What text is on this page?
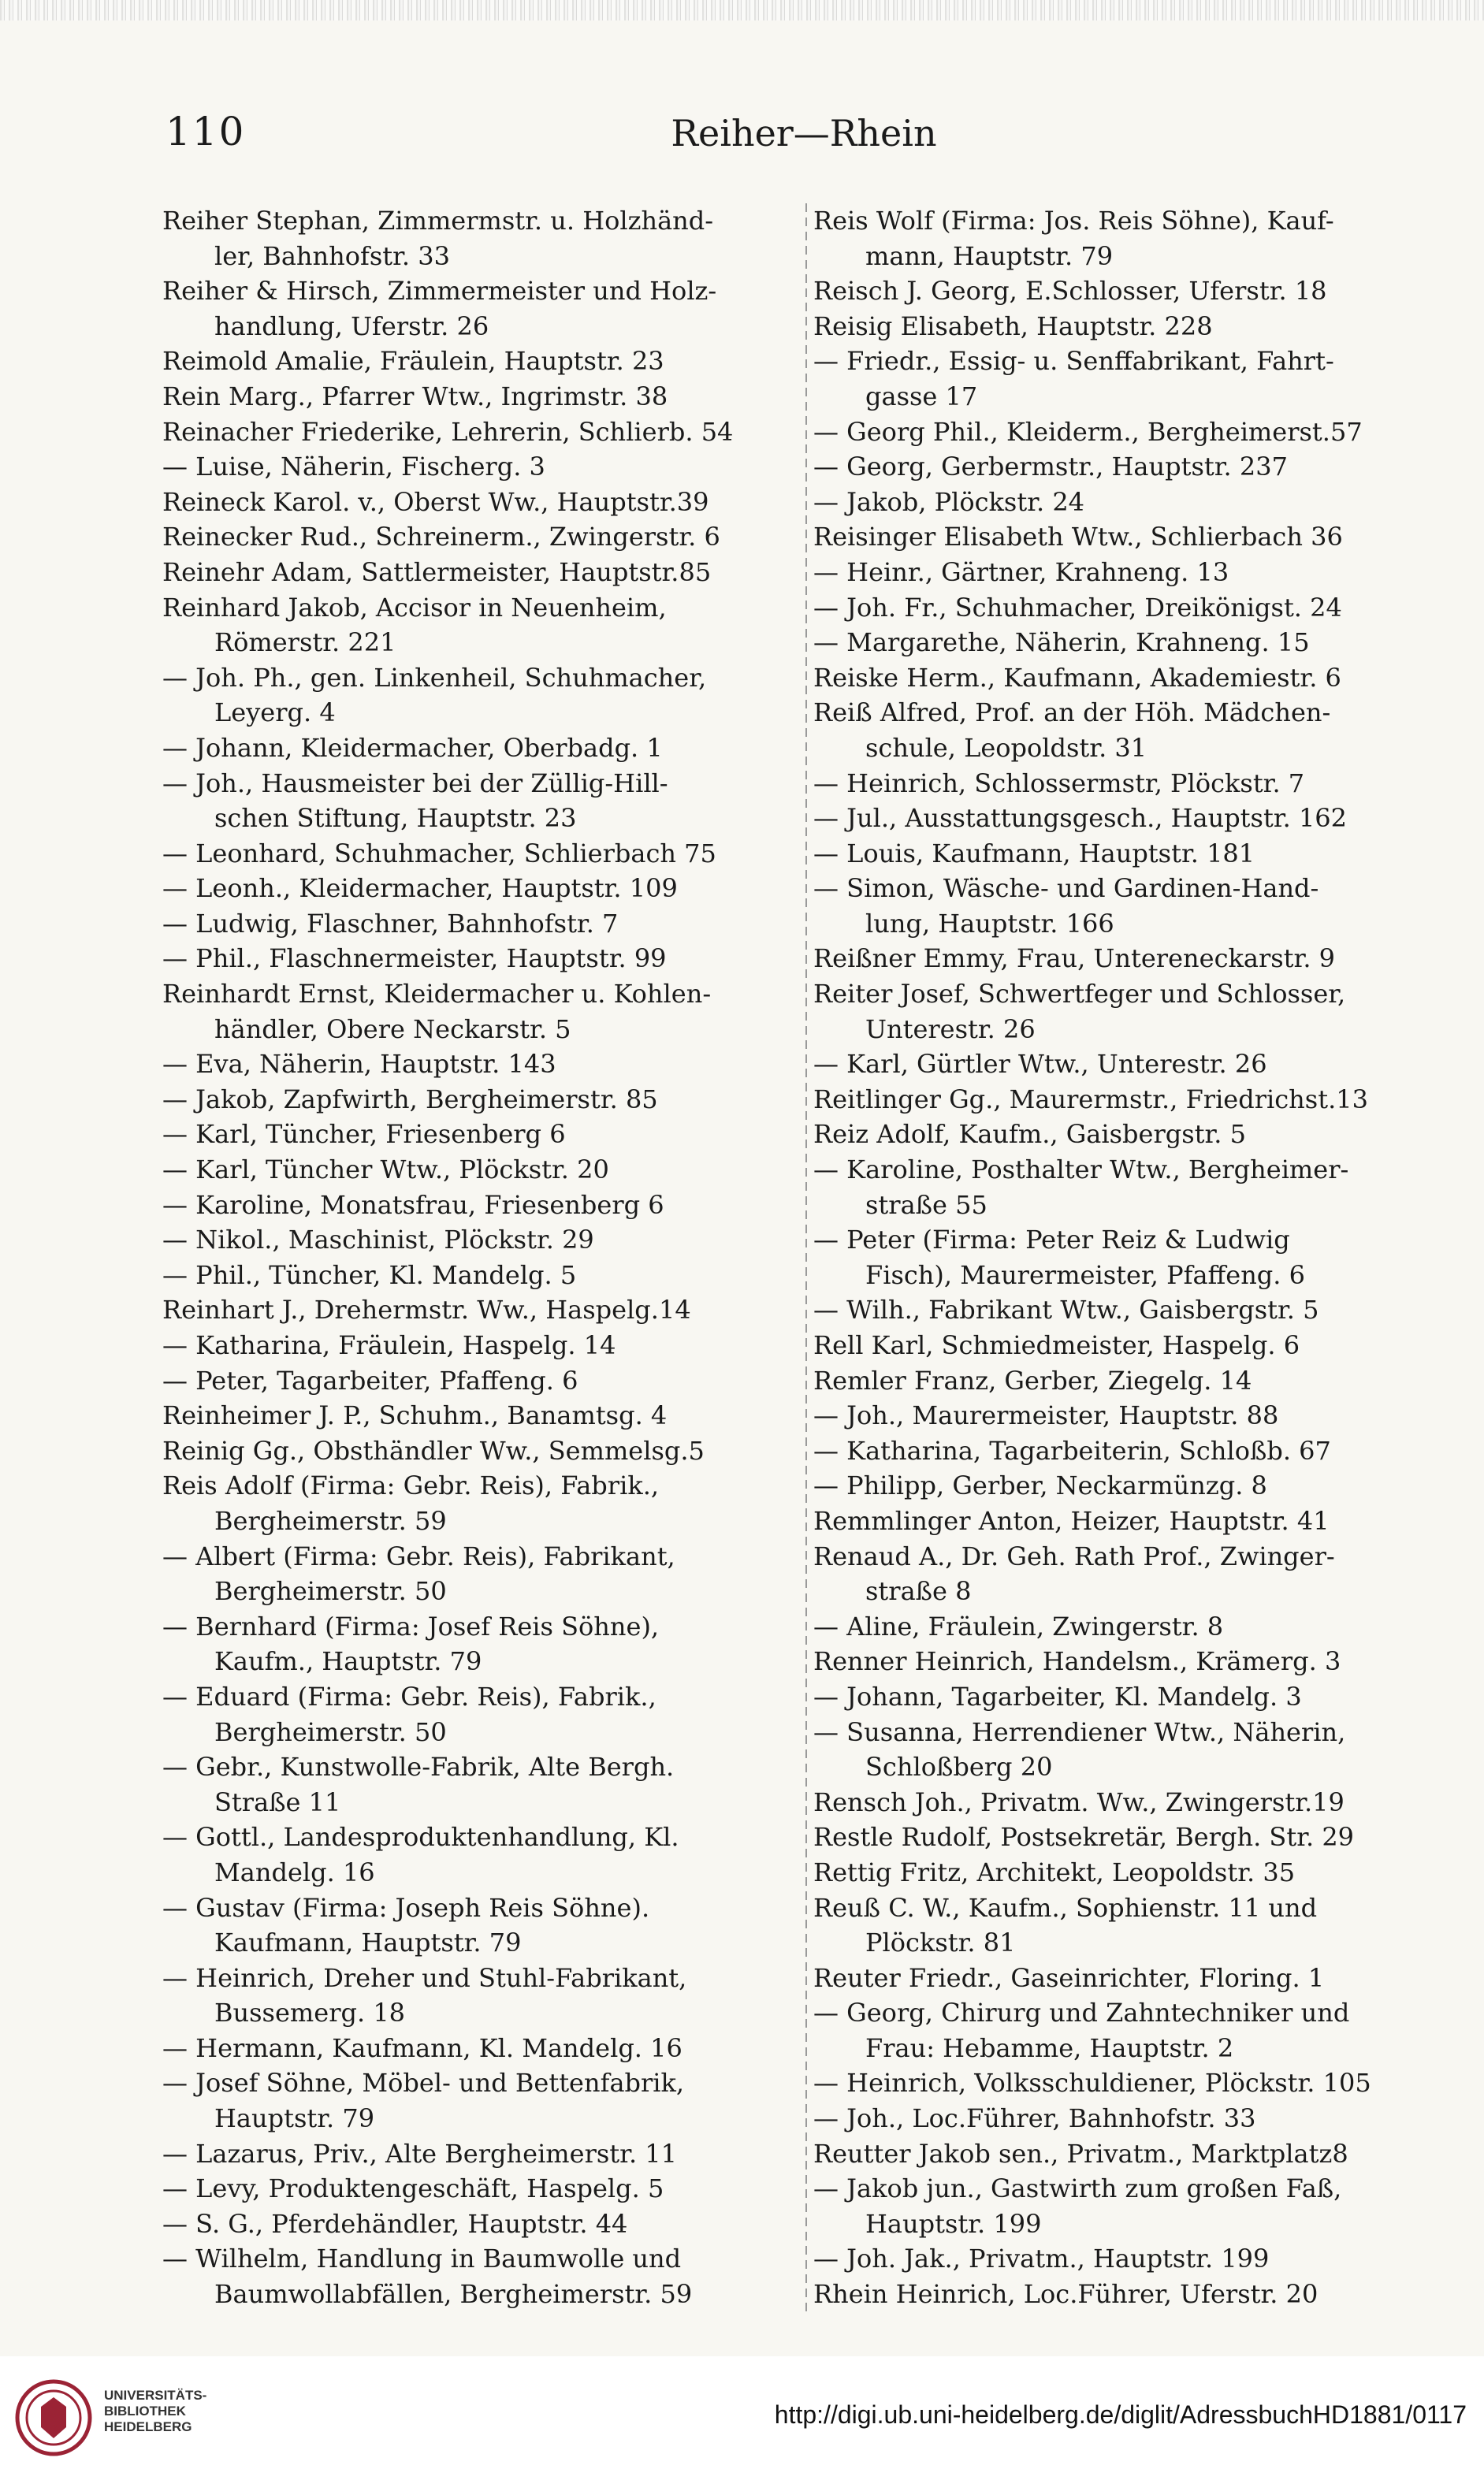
110	Reiher—Rhein
Reiher Stephan, Zimmermstr. u. Holzhänd-
ler, Bahnhofstr. 33
Reiher & Hirsch, Zimmermeister und Holz-
handlung, Uferstr. 26
Reimold Amalie, Fräulein, Hauptstr. 23
Rein Marg., Pfarrer Wtw., Ingrimstr. 38
Reinacher Friederike, Lehrerin, Schlierb. 54
— Luise, Näherin, Fischerg. 3
Reineck Karol. v., Oberst Ww., Hauptstr.39
Reinecker Rud., Schreinerm., Zwingerstr. 6
Reinehr Adam, Sattlermeister, Hauptstr.85
Reinhard Jakob, Accisor in Neuenheim,
Römerstr. 221
— Joh. Ph., gen. Linkenheil, Schuhmacher,
Leyerg. 4
— Johann, Kleidermacher, Oberbadg. 1
— Joh., Hausmeister bei der Züllig-Hill-
schen Stiftung, Hauptstr. 23
— Leonhard, Schuhmacher, Schlierbach 75
— Leonh., Kleidermacher, Hauptstr. 109
— Ludwig, Flaschner, Bahnhofstr. 7
— Phil., Flaschnermeister, Hauptstr. 99
Reinhardt Ernst, Kleidermacher u. Kohlen-
händler, Obere Neckarstr. 5
— Eva, Näherin, Hauptstr. 143
— Jakob, Zapfwirth, Bergheimerstr. 85
— Karl, Tüncher, Friesenberg 6
— Karl, Tüncher Wtw., Plöckstr. 20
— Karoline, Monatsfrau, Friesenberg 6
— Nikol., Maschinist, Plöckstr. 29
— Phil., Tüncher, Kl. Mandelg. 5
Reinhart J., Drehermstr. Ww., Haspelg.14
— Katharina, Fräulein, Haspelg. 14
— Peter, Tagarbeiter, Pfaffeng. 6
Reinheimer J. P., Schuhm., Banamtsg. 4
Reinig Gg., Obsthändler Ww., Semmelsg.5
Reis Adolf (Firma: Gebr. Reis), Fabrik.,
Bergheimerstr. 59
— Albert (Firma: Gebr. Reis), Fabrikant,
Bergheimerstr. 50
— Bernhard (Firma: Josef Reis Söhne),
Kaufm., Hauptstr. 79
— Eduard (Firma: Gebr. Reis), Fabrik.,
Bergheimerstr. 50
— Gebr., Kunstwolle-Fabrik, Alte Bergh.
Straße 11
— Gottl., Landesproduktenhandlung, Kl.
Mandelg. 16
— Gustav (Firma: Joseph Reis Söhne).
Kaufmann, Hauptstr. 79
— Heinrich, Dreher und Stuhl-Fabrikant,
Bussemerg. 18
— Hermann, Kaufmann, Kl. Mandelg. 16
— Josef Söhne, Möbel- und Bettenfabrik,
Hauptstr. 79
— Lazarus, Priv., Alte Bergheimerstr. 11
— Levy, Produktengeschäft, Haspelg. 5
— S. G., Pferdehändler, Hauptstr. 44
— Wilhelm, Handlung in Baumwolle und
Baumwollabfällen, Bergheimerstr. 59
Reis Wolf (Firma: Jos. Reis Söhne), Kauf-
mann, Hauptstr. 79
Reisch J. Georg, E.Schlosser, Uferstr. 18
Reisig Elisabeth, Hauptstr. 228
— Friedr., Essig- u. Senffabrikant, Fahrt-
gasse 17
— Georg Phil., Kleiderm., Bergheimerst.57
— Georg, Gerbermstr., Hauptstr. 237
— Jakob, Plöckstr. 24
Reisinger Elisabeth Wtw., Schlierbach 36
— Heinr., Gärtner, Krahneng. 13
— Joh. Fr., Schuhmacher, Dreikönigst. 24
— Margarethe, Näherin, Krahneng. 15
Reiske Herm., Kaufmann, Akademiestr. 6
Reiß Alfred, Prof. an der Höh. Mädchen-
schule, Leopoldstr. 31
— Heinrich, Schlossermstr, Plöckstr. 7
— Jul., Ausstattungsgesch., Hauptstr. 162
— Louis, Kaufmann, Hauptstr. 181
— Simon, Wäsche- und Gardinen-Hand-
lung, Hauptstr. 166
Reißner Emmy, Frau, Untereneckarstr. 9
Reiter Josef, Schwertfeger und Schlosser,
Unterestr. 26
— Karl, Gürtler Wtw., Unterestr. 26
Reitlinger Gg., Maurermstr., Friedrichst.13
Reiz Adolf, Kaufm., Gaisbergstr. 5
— Karoline, Posthalter Wtw., Bergheimer-
straße 55
— Peter (Firma: Peter Reiz & Ludwig
Fisch), Maurermeister, Pfaffeng. 6
— Wilh., Fabrikant Wtw., Gaisbergstr. 5
Rell Karl, Schmiedmeister, Haspelg. 6
Remler Franz, Gerber, Ziegelg. 14
— Joh., Maurermeister, Hauptstr. 88
— Katharina, Tagarbeiterin, Schloßb. 67
— Philipp, Gerber, Neckarmünzg. 8
Remmlinger Anton, Heizer, Hauptstr. 41
Renaud A., Dr. Geh. Rath Prof., Zwinger-
straße 8
— Aline, Fräulein, Zwingerstr. 8
Renner Heinrich, Handelsm., Krämerg. 3
— Johann, Tagarbeiter, Kl. Mandelg. 3
— Susanna, Herrendiener Wtw., Näherin,
Schloßberg 20
Rensch Joh., Privatm. Ww., Zwingerstr.19
Restle Rudolf, Postsekretär, Bergh. Str. 29
Rettig Fritz, Architekt, Leopoldstr. 35
Reuß C. W., Kaufm., Sophienstr. 11 und
Plöckstr. 81
Reuter Friedr., Gaseinrichter, Floring. 1
— Georg, Chirurg und Zahntechniker und
Frau: Hebamme, Hauptstr. 2
— Heinrich, Volksschuldiener, Plöckstr. 105
— Joh., Loc.Führer, Bahnhofstr. 33
Reutter Jakob sen., Privatm., Marktplatz8
— Jakob jun., Gastwirth zum großen Faß,
Hauptstr. 199
— Joh. Jak., Privatm., Hauptstr. 199
Rhein Heinrich, Loc.Führer, Uferstr. 20
UNIVERSITÄTS-
BIBLIOTHEK
HEIDELBERG	http://digi.ub.uni-heidelberg.de/diglit/AdressbuchHD1881/0117
